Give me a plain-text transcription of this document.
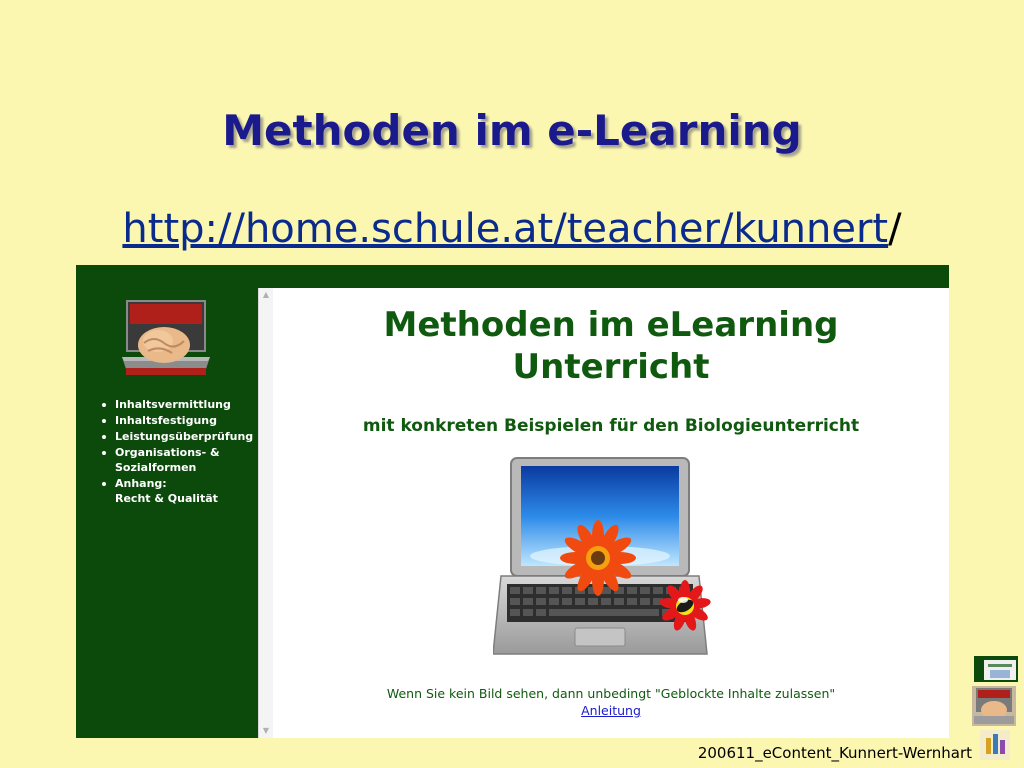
Methoden im e-Learning
http://home.schule.at/teacher/kunnert/
Inhaltsvermittlung
Inhaltsfestigung
Leistungsüberprüfung
Organisations- &
Sozialformen
Anhang:
Recht & Qualität
▲
▼
Methoden im eLearning
Unterricht
mit konkreten Beispielen für den Biologieunterricht
Wenn Sie kein Bild sehen, dann unbedingt "Geblockte Inhalte zulassen"
Anleitung
200611_eContent_Kunnert-Wernhart
